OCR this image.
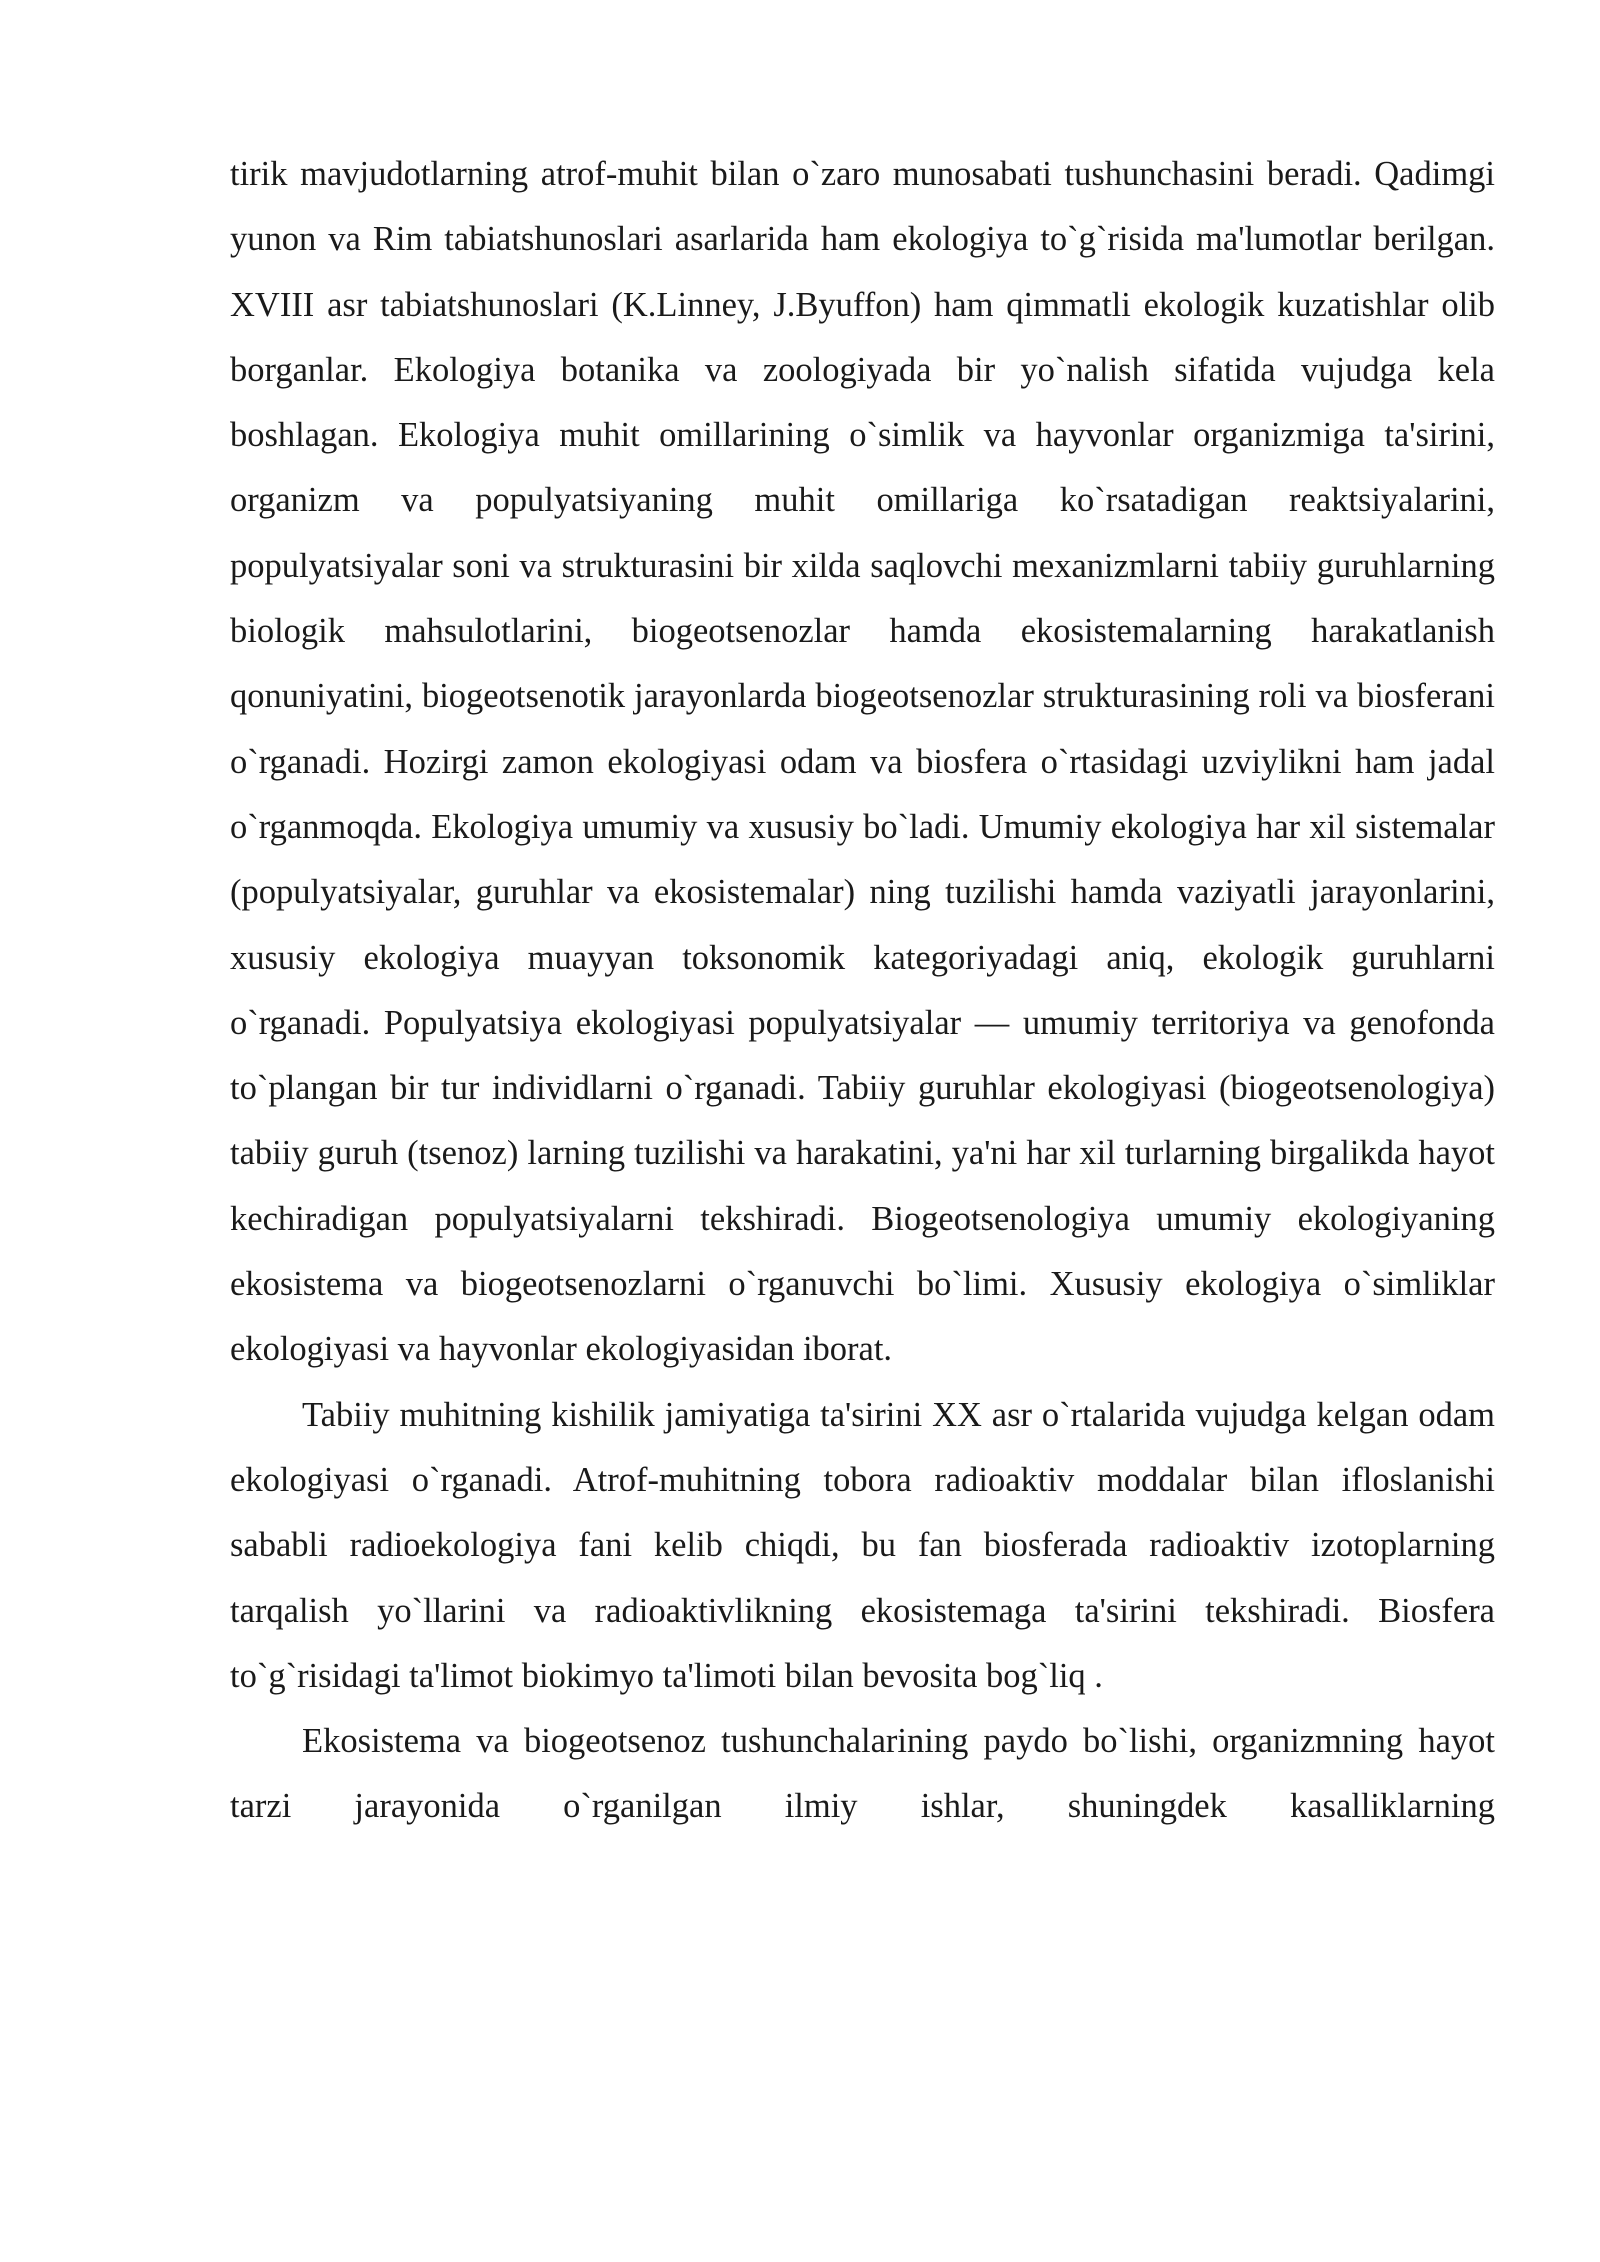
tirik mavjudotlarning atrof-muhit bilan o`zaro munosabati tushunchasini beradi. Qadimgi yunon va Rim tabiatshunoslari asarlarida ham ekologiya to`g`risida ma'lumotlar berilgan. XVIII asr tabiatshunoslari (K.Linney, J.Byuffon) ham qimmatli ekologik kuzatishlar olib borganlar. Ekologiya botanika va zoologiyada bir yo`nalish sifatida vujudga kela boshlagan. Ekologiya muhit omillarining o`simlik va hayvonlar organizmiga ta'sirini, organizm va populyatsiyaning muhit omillariga ko`rsatadigan reaktsiyalarini, populyatsiyalar soni va strukturasini bir xilda saqlovchi mexanizmlarni tabiiy guruhlarning biologik mahsulotlarini, biogeotsenozlar hamda ekosistemalarning harakatlanish qonuniyatini, biogeotsenotik jarayonlarda biogeotsenozlar strukturasining roli va biosferani o`rganadi. Hozirgi zamon ekologiyasi odam va biosfera o`rtasidagi uzviylikni ham jadal o`rganmoqda. Ekologiya umumiy va xususiy bo`ladi. Umumiy ekologiya har xil sistemalar (populyatsiyalar, guruhlar va ekosistemalar) ning tuzilishi hamda vaziyatli jarayonlarini, xususiy ekologiya muayyan toksonomik kategoriyadagi aniq, ekologik guruhlarni o`rganadi. Populyatsiya ekologiyasi populyatsiyalar — umumiy territoriya va genofonda to`plangan bir tur individlarni o`rganadi. Tabiiy guruhlar ekologiyasi (biogeotsenologiya) tabiiy guruh (tsenoz) larning tuzilishi va harakatini, ya'ni har xil turlarning birgalikda hayot kechiradigan populyatsiyalarni tekshiradi. Biogeotsenologiya umumiy ekologiyaning ekosistema va biogeotsenozlarni o`rganuvchi bo`limi. Xususiy ekologiya o`simliklar ekologiyasi va hayvonlar ekologiyasidan iborat.

Tabiiy muhitning kishilik jamiyatiga ta'sirini XX asr o`rtalarida vujudga kelgan odam ekologiyasi o`rganadi. Atrof-muhitning tobora radioaktiv moddalar bilan ifloslanishi sababli radioekologiya fani kelib chiqdi, bu fan biosferada radioaktiv izotoplarning tarqalish yo`llarini va radioaktivlikning ekosistemaga ta'sirini tekshiradi. Biosfera to`g`risidagi ta'limot biokimyo ta'limoti bilan bevosita bog`liq .

Ekosistema va biogeotsenoz tushunchalarining paydo bo`lishi, organizmning hayot tarzi jarayonida o`rganilgan ilmiy ishlar, shuningdek kasalliklarning
